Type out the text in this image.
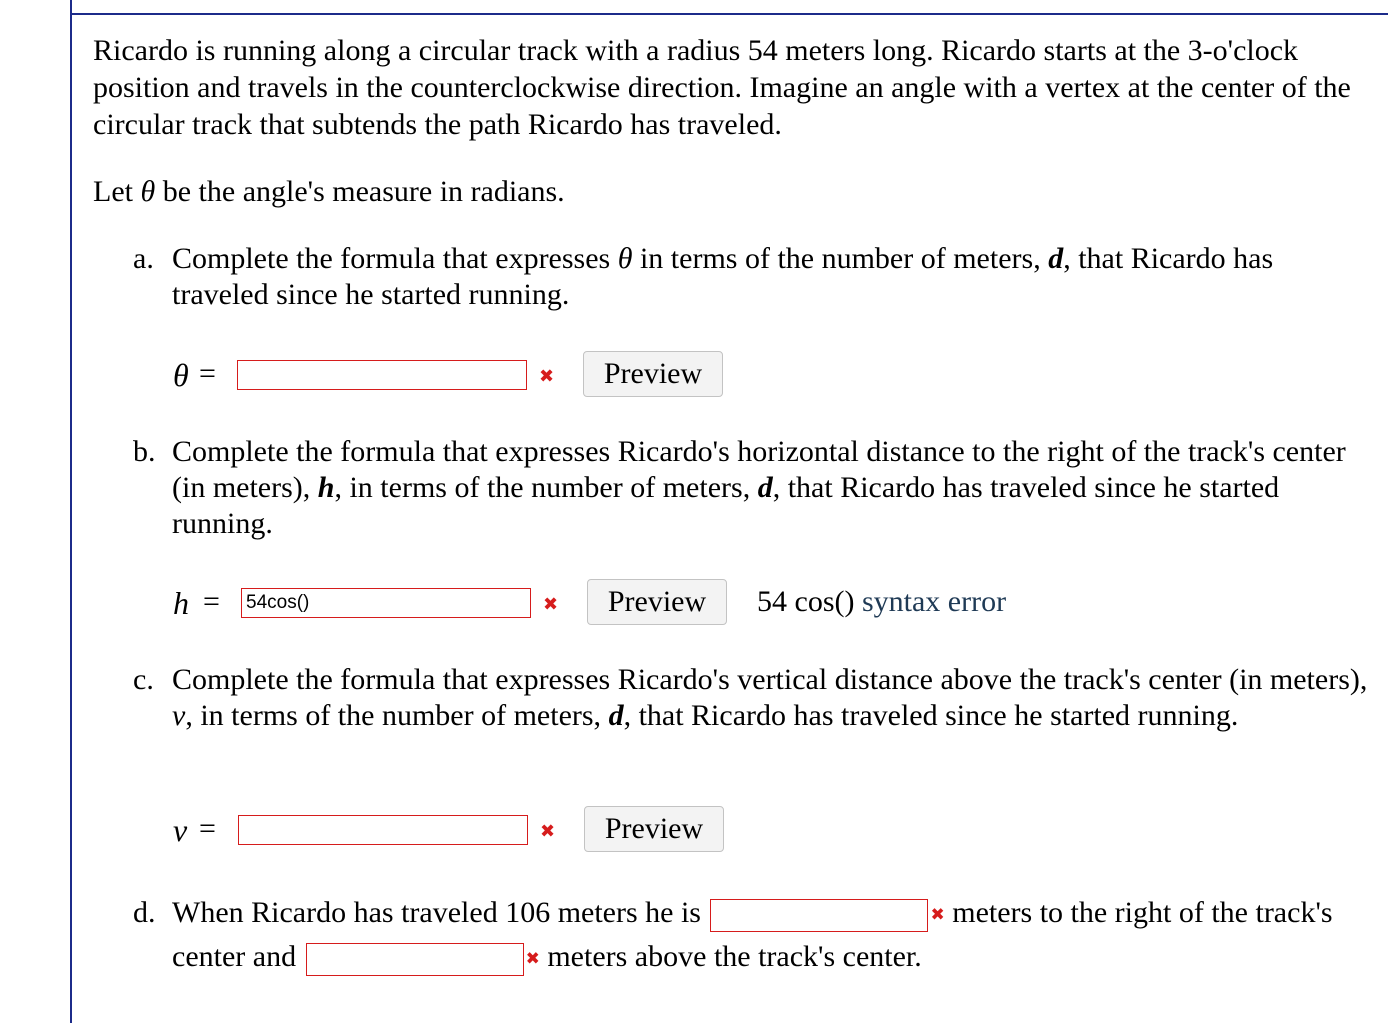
Ricardo is running along a circular track with a radius 54 meters long. Ricardo starts at the 3-o'clock position and travels in the counterclockwise direction. Imagine an angle with a vertex at the center of the circular track that subtends the path Ricardo has traveled.

Let θ be the angle's measure in radians.

a. Complete the formula that expresses θ in terms of the number of meters, d, that Ricardo has traveled since he started running.
θ =	✖	Preview
b. Complete the formula that expresses Ricardo's horizontal distance to the right of the track's center (in meters), h, in terms of the number of meters, d, that Ricardo has traveled since he started running.
h =
54cos()	✖	Preview	54 cos() syntax error
c. Complete the formula that expresses Ricardo's vertical distance above the track's center (in meters), v, in terms of the number of meters, d, that Ricardo has traveled since he started running.
v =	✖	Preview
d. When Ricardo has traveled 106 meters he is	✖ meters to the right of the track's center and	✖ meters above the track's center.
